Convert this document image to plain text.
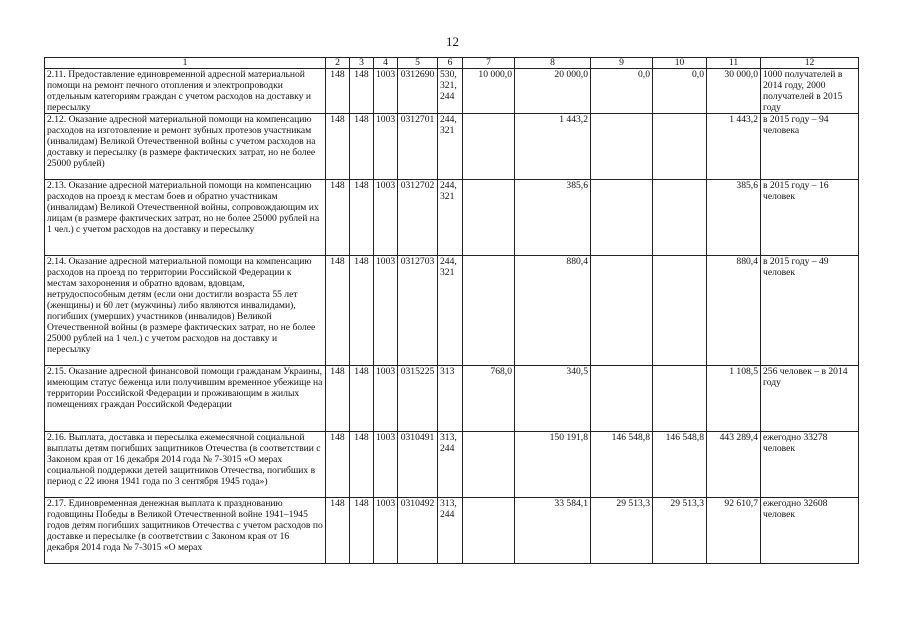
12
1	2	3	4	5	6	7	8	9	10	11	12
2.11. Предоставление единовременной адресной материальной помощи на ремонт печного отопления и электропроводки отдельным категориям граждан с учетом расходов на доставку и пересылку	148	148	1003	0312690	530,
321,
244	10 000,0	20 000,0	0,0	0,0	30 000,0	1000 получателей в 2014 году, 2000 получателей в 2015 году
2.12. Оказание адресной материальной помощи на компенсацию расходов на изготовление и ремонт зубных протезов участникам (инвалидам) Великой Отечественной войны с учетом расходов на доставку и пересылку (в размере фактических затрат, но не более 25000 рублей)	148	148	1003	0312701	244,
321		1 443,2			1 443,2	в 2015 году – 94 человека
2.13. Оказание адресной материальной помощи на компенсацию расходов на проезд к местам боев и обратно участникам (инвалидам) Великой Отечественной войны, сопровождающим их лицам (в размере фактических затрат, но не более 25000 рублей на 1 чел.) с учетом расходов на доставку и пересылку	148	148	1003	0312702	244,
321		385,6			385,6	в 2015 году – 16 человек
2.14. Оказание адресной материальной помощи на компенсацию расходов на проезд по территории Российской Федерации к местам захоронения и обратно вдовам, вдовцам, нетрудоспособным детям (если они достигли возраста 55 лет (женщины) и 60 лет (мужчины) либо являются инвалидами), погибших (умерших) участников (инвалидов) Великой Отечественной войны (в размере фактических затрат, но не более 25000 рублей на 1 чел.) с учетом расходов на доставку и пересылку	148	148	1003	0312703	244,
321		880,4			880,4	в 2015 году – 49 человек
2.15. Оказание адресной финансовой помощи гражданам Украины, имеющим статус беженца или получившим временное убежище на территории Российской Федерации и проживающим в жилых помещениях граждан Российской Федерации	148	148	1003	0315225	313	768,0	340,5			1 108,5	256 человек – в 2014 году
2.16. Выплата, доставка и пересылка ежемесячной социальной выплаты детям погибших защитников Отечества (в соответствии с Законом края от 16 декабря 2014 года № 7-3015 «О мерах социальной поддержки детей защитников Отечества, погибших в период с 22 июня 1941 года по 3 сентября 1945 года»)	148	148	1003	0310491	313,
244		150 191,8	146 548,8	146 548,8	443 289,4	ежегодно 33278 человек
2.17. Единовременная денежная выплата к празднованию годовщины Победы в Великой Отечественной войне 1941–1945 годов детям погибших защитников Отечества с учетом расходов по доставке и пересылке (в соответствии с Законом края от 16 декабря 2014 года № 7-3015 «О мерах	148	148	1003	0310492	313,
244		33 584,1	29 513,3	29 513,3	92 610,7	ежегодно 32608 человек
